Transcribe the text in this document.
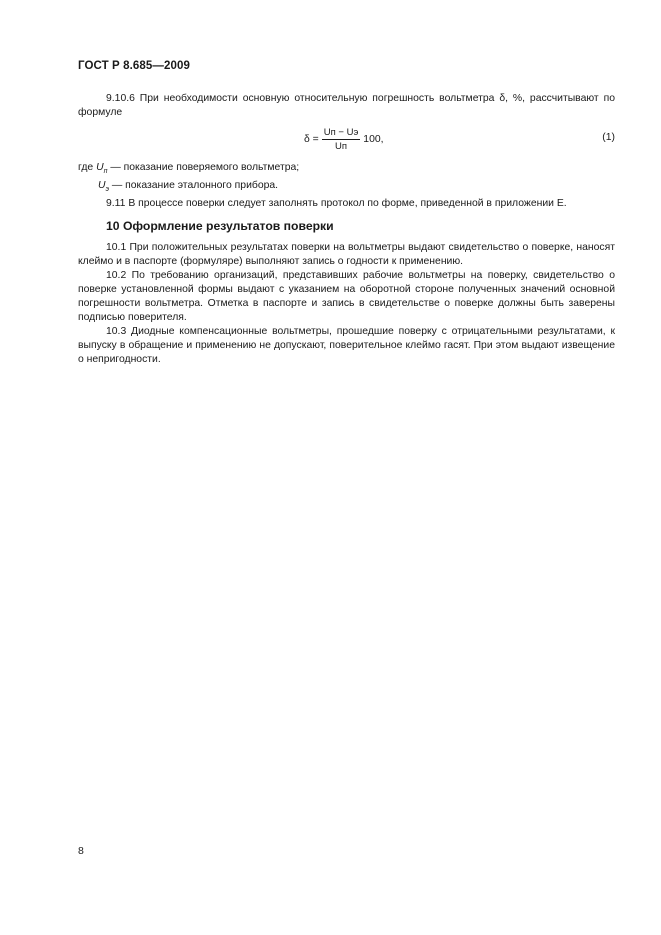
ГОСТ Р 8.685—2009

9.10.6 При необходимости основную относительную погрешность вольтметра δ, %, рассчитывают по формуле

$\delta = \frac{Uп - Uэ}{Uп} 100$,	(1)

где $U_п$ — показание поверяемого вольтметра;

$U_э$ — показание эталонного прибора.

9.11 В процессе поверки следует заполнять протокол по форме, приведенной в приложении Е.

10 Оформление результатов поверки

10.1 При положительных результатах поверки на вольтметры выдают свидетельство о поверке, наносят клеймо и в паспорте (формуляре) выполняют запись о годности к применению.

10.2 По требованию организаций, представивших рабочие вольтметры на поверку, свидетельство о поверке установленной формы выдают с указанием на оборотной стороне полученных значений основной погрешности вольтметра. Отметка в паспорте и запись в свидетельстве о поверке должны быть заверены подписью поверителя.

10.3 Диодные компенсационные вольтметры, прошедшие поверку с отрицательными результатами, к выпуску в обращение и применению не допускают, поверительное клеймо гасят. При этом выдают извещение о непригодности.

8
